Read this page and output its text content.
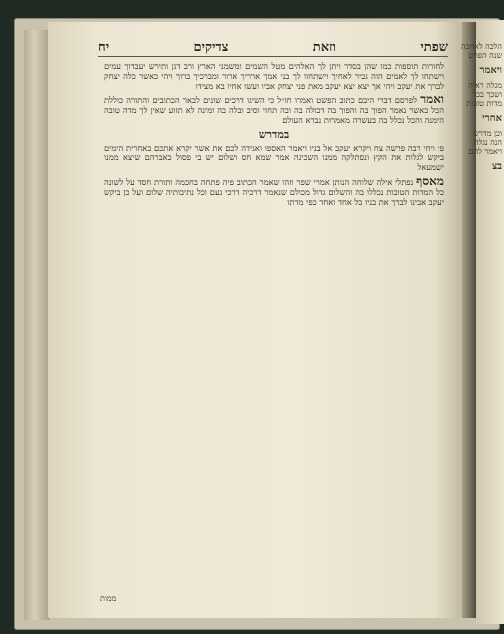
הלכה לאהבה
שנה הפרש
ויאמר
מגלה ראיה
ושכך בכל
מדות טובות
אחרי
וכן מדרש
הנה נגלה
ויאמר להם
בצ
שפתי
וזאת
צדיקים
יח

לחורות תוספות כמו שהן בסדר ויתן לך האלהים מטל השמים ומשמני הארץ ורב דגן ותירש יעבדוך עמים וישתחו לך לאמים הוה גביר לאחיך וישתחוו לך בני אמך ארריך ארור ומברכיך ברוך ויהי כאשר כלה יצחק לברך את יעקב ויהי אך יצא יצא יעקב מאת פני יצחק אביו ועשו אחיו בא מצידו

ואמר לפרסם דברי היבם כתוב הפשט ואמרו חז״ל כי השיגו דרכים שונים לבאר הכתובים והתורה כוללת הכל כאשר נאמר הפוך בה והפוך בה דכולה בה ובה תחזי וסיב ובלה בה ומינה לא תזוע שאין לך מדה טובה הימנה והכל נכלל בה בעשרה מאמרות נברא העולם

במדרש
פ׳ ויחי רבה פרשה צח ויקרא יעקב אל בניו ויאמר האספו ואגידה לכם את אשר יקרא אתכם באחרית הימים ביקש לגלות את הקץ ונסתלקה ממנו השכינה אמר שמא חס ושלום יש בי פסול כאברהם שיצא ממנו ישמעאל

מאסף נפתלי אילה שלוחה הנותן אמרי שפר וזהו שאמר הכתוב פיה פתחה בחכמה ותורת חסד על לשונה כל המדות הטובות נכללו בה והשלום גדול מכולם שנאמר דרכיה דרכי נעם וכל נתיבותיה שלום ועל כן ביקש יעקב אבינו לברך את בניו כל אחד ואחד כפי מדתו

ממות
